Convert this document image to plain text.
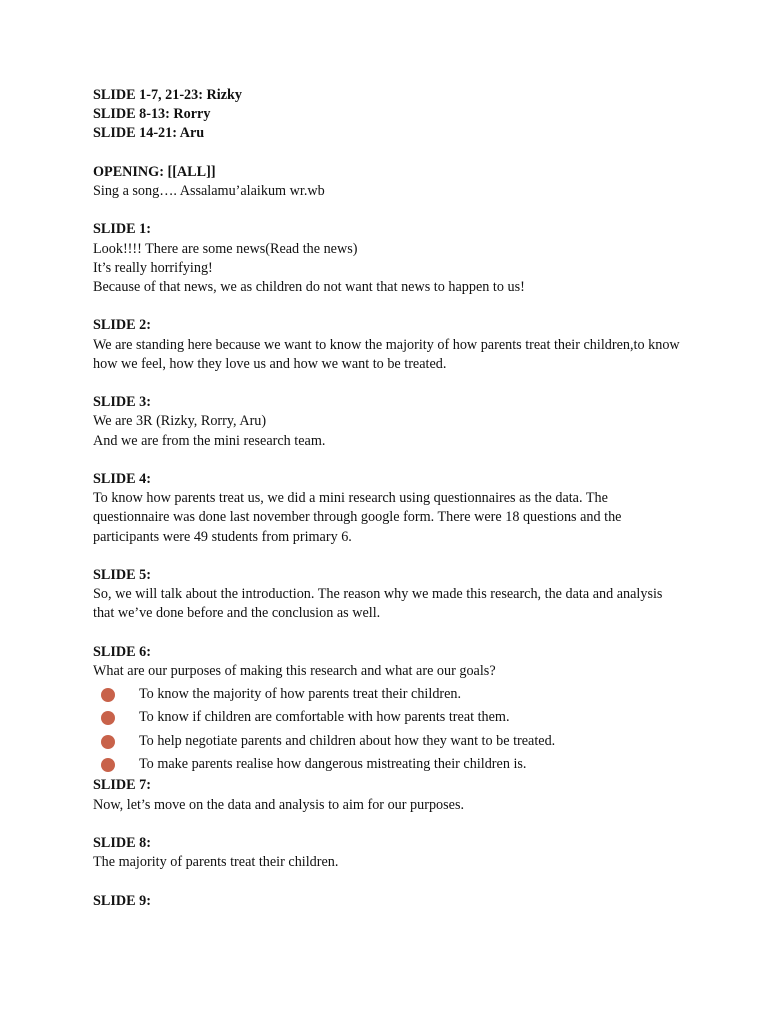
SLIDE 1-7, 21-23: Rizky
SLIDE 8-13: Rorry
SLIDE 14-21: Aru
OPENING: [[ALL]]
Sing a song…. Assalamu’alaikum wr.wb
SLIDE 1:
Look!!!! There are some news(Read the news)
It’s really horrifying!
Because of that news, we as children do not want that news to happen to us!
SLIDE 2:
We are standing here because we want to know the majority of how parents treat their children,to know how we feel, how they love us and how we want to be treated.
SLIDE 3:
We are 3R (Rizky, Rorry, Aru)
And we are from the mini research team.
SLIDE 4:
To know how parents treat us, we did a mini research using questionnaires as the data. The questionnaire was done last november through google form. There were 18 questions and the participants were 49 students from primary 6.
SLIDE 5:
So, we will talk about the introduction. The reason why we made this research, the data and analysis that we’ve done before and the conclusion as well.
SLIDE 6:
What are our purposes of making this research and what are our goals?
To know the majority of how parents treat their children.
To know if children are comfortable with how parents treat them.
To help negotiate parents and children about how they want to be treated.
To make parents realise how dangerous mistreating their children is.
SLIDE 7:
Now, let’s move on the data and analysis to aim for our purposes.
SLIDE 8:
The majority of parents treat their children.
SLIDE 9:
